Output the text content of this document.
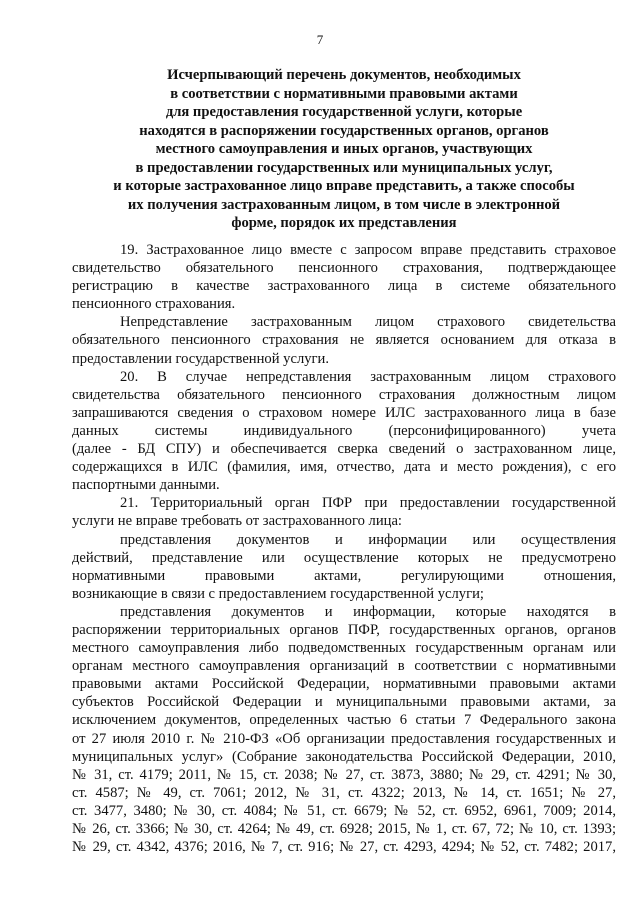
7
Исчерпывающий перечень документов, необходимых
в соответствии с нормативными правовыми актами
для предоставления государственной услуги, которые
находятся в распоряжении государственных органов, органов
местного самоуправления и иных органов, участвующих
в предоставлении государственных или муниципальных услуг,
и которые застрахованное лицо вправе представить, а также способы
их получения застрахованным лицом, в том числе в электронной
форме, порядок их представления
19. Застрахованное лицо вместе с запросом вправе представить страховое
свидетельство обязательного пенсионного страхования, подтверждающее
регистрацию в качестве застрахованного лица в системе обязательного
пенсионного страхования.
Непредставление застрахованным лицом страхового свидетельства
обязательного пенсионного страхования не является основанием для отказа в
предоставлении государственной услуги.
20. В случае непредставления застрахованным лицом страхового
свидетельства обязательного пенсионного страхования должностным лицом
запрашиваются сведения о страховом номере ИЛС застрахованного лица в базе
данных системы индивидуального (персонифицированного) учета
(далее - БД СПУ) и обеспечивается сверка сведений о застрахованном лице,
содержащихся в ИЛС (фамилия, имя, отчество, дата и место рождения), с его
паспортными данными.
21. Территориальный орган ПФР при предоставлении государственной
услуги не вправе требовать от застрахованного лица:
представления документов и информации или осуществления
действий, представление или осуществление которых не предусмотрено
нормативными правовыми актами, регулирующими отношения,
возникающие в связи с предоставлением государственной услуги;
представления документов и информации, которые находятся в
распоряжении территориальных органов ПФР, государственных органов, органов
местного самоуправления либо подведомственных государственным органам или
органам местного самоуправления организаций в соответствии с нормативными
правовыми актами Российской Федерации, нормативными правовыми актами
субъектов Российской Федерации и муниципальными правовыми актами, за
исключением документов, определенных частью 6 статьи 7 Федерального закона
от 27 июля 2010 г. № 210-ФЗ «Об организации предоставления государственных и
муниципальных услуг» (Собрание законодательства Российской Федерации, 2010,
№ 31, ст. 4179; 2011, № 15, ст. 2038; № 27, ст. 3873, 3880; № 29, ст. 4291; № 30,
ст. 4587; № 49, ст. 7061; 2012, № 31, ст. 4322; 2013, № 14, ст. 1651; № 27,
ст. 3477, 3480; № 30, ст. 4084; № 51, ст. 6679; № 52, ст. 6952, 6961, 7009; 2014,
№ 26, ст. 3366; № 30, ст. 4264; № 49, ст. 6928; 2015, № 1, ст. 67, 72; № 10, ст. 1393;
№ 29, ст. 4342, 4376; 2016, № 7, ст. 916; № 27, ст. 4293, 4294; № 52, ст. 7482; 2017,
